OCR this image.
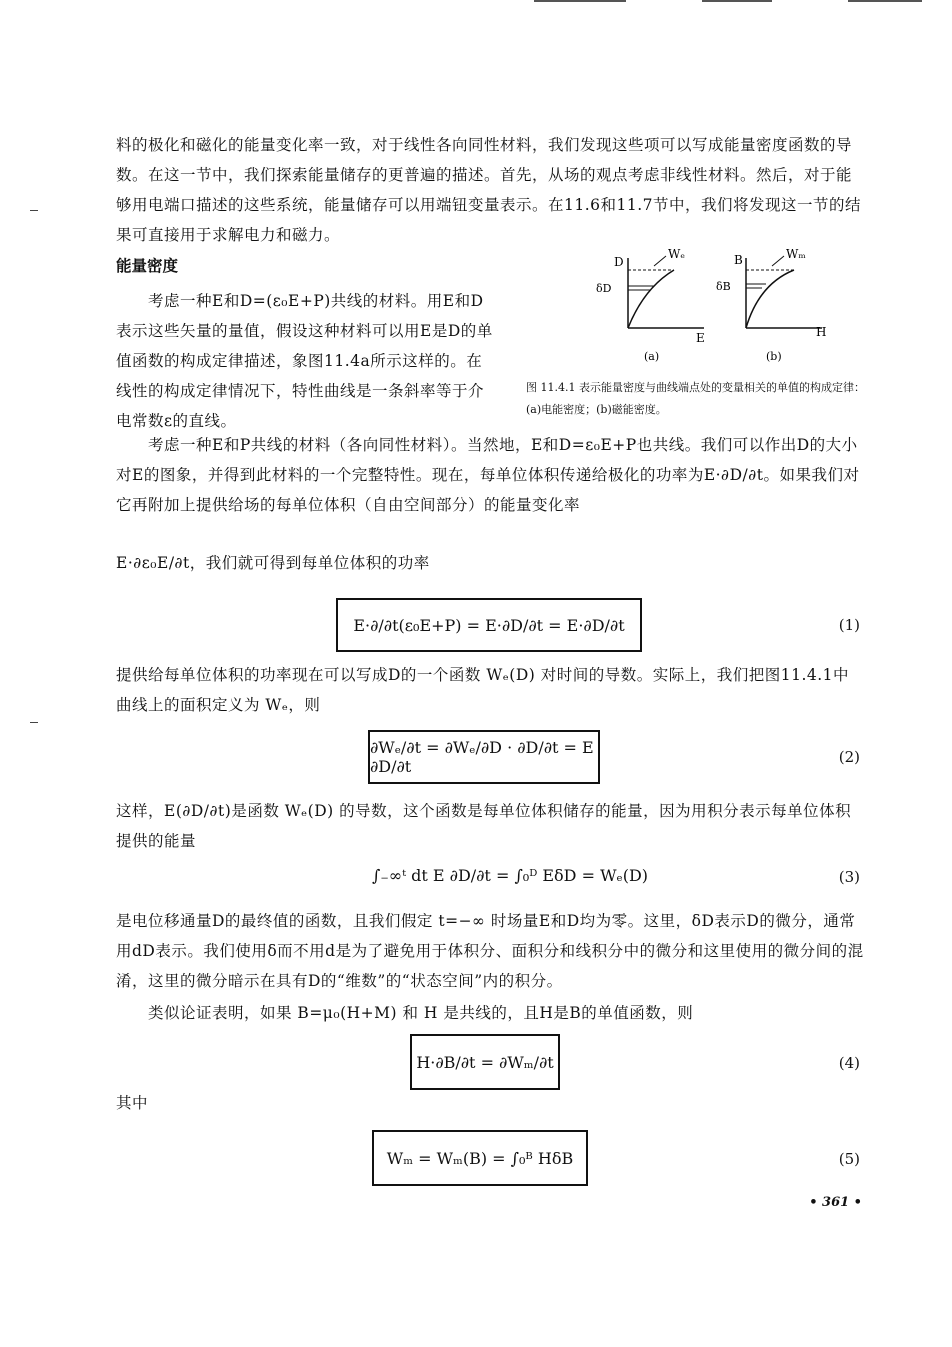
料的极化和磁化的能量变化率一致，对于线性各向同性材料，我们发现这些项可以写成能量密度函数的导数。在这一节中，我们探索能量储存的更普遍的描述。首先，从场的观点考虑非线性材料。然后，对于能够用电端口描述的这些系统，能量储存可以用端钮变量表示。在11.6和11.7节中，我们将发现这一节的结果可直接用于求解电力和磁力。
能量密度
考虑一种E和D=(ε₀E+P)共线的材料。用E和D表示这些矢量的量值，假设这种材料可以用E是D的单值函数的构成定律描述，象图11.4a所示这样的。在线性的构成定律情况下，特性曲线是一条斜率等于介电常数ε的直线。
D
Wₑ
δD
E
(a)
B	Wₘ
δB
H
(b)
图 11.4.1 表示能量密度与曲线端点处的变量相关的单值的构成定律：(a)电能密度；(b)磁能密度。
考虑一种E和P共线的材料（各向同性材料）。当然地，E和D=ε₀E+P也共线。我们可以作出D的大小对E的图象，并得到此材料的一个完整特性。现在，每单位体积传递给极化的功率为E·∂D/∂t。如果我们对它再附加上提供给场的每单位体积（自由空间部分）的能量变化率
E·∂ε₀E/∂t，我们就可得到每单位体积的功率
E·∂/∂t(ε₀E+P) = E·∂D/∂t = E·∂D/∂t	(1)
提供给每单位体积的功率现在可以写成D的一个函数 Wₑ(D) 对时间的导数。实际上，我们把图11.4.1中曲线上的面积定义为 Wₑ，则
∂Wₑ/∂t = ∂Wₑ/∂D · ∂D/∂t = E ∂D/∂t	(2)
这样，E(∂D/∂t)是函数 Wₑ(D) 的导数，这个函数是每单位体积储存的能量，因为用积分表示每单位体积提供的能量
∫₋∞ᵗ dt E ∂D/∂t = ∫₀ᴰ EδD = Wₑ(D)	(3)
是电位移通量D的最终值的函数，且我们假定 t=−∞ 时场量E和D均为零。这里，δD表示D的微分，通常用dD表示。我们使用δ而不用d是为了避免用于体积分、面积分和线积分中的微分和这里使用的微分间的混淆，这里的微分暗示在具有D的“维数”的“状态空间”内的积分。
类似论证表明，如果 B=μ₀(H+M) 和 H 是共线的，且H是B的单值函数，则
H·∂B/∂t = ∂Wₘ/∂t	(4)
其中
Wₘ = Wₘ(B) = ∫₀ᴮ HδB	(5)
• 361 •
